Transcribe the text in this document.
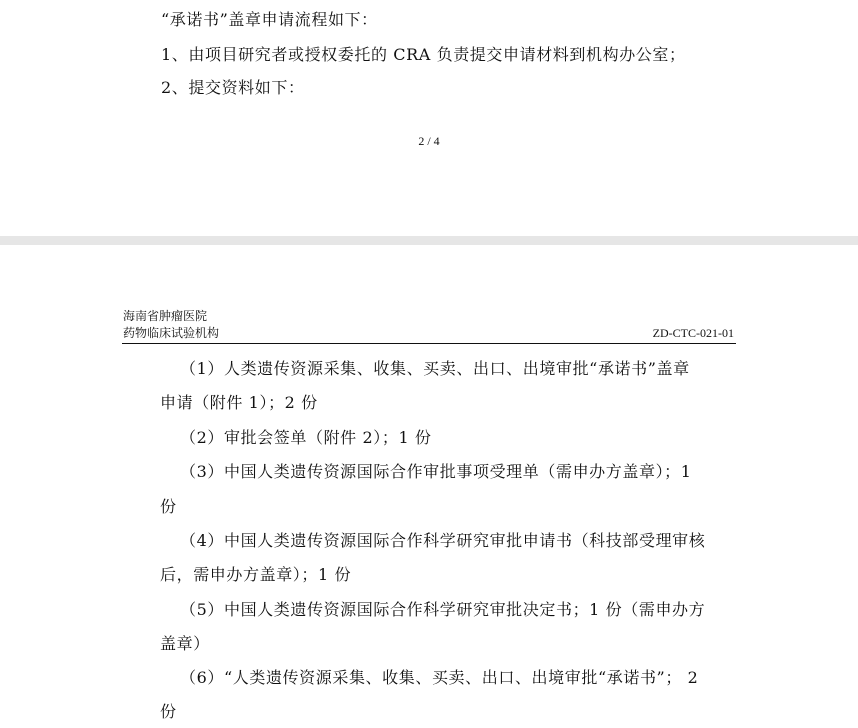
“承诺书”盖章申请流程如下：
1、由项目研究者或授权委托的 CRA 负责提交申请材料到机构办公室；
2、提交资料如下：
2 / 4
海南省肿瘤医院
药物临床试验机构	ZD-CTC-021-01
（1）人类遗传资源采集、收集、买卖、出口、出境审批“承诺书”盖章
申请（附件 1）；2 份
（2）审批会签单（附件 2）；1 份
（3）中国人类遗传资源国际合作审批事项受理单（需申办方盖章）；1
份
（4）中国人类遗传资源国际合作科学研究审批申请书（科技部受理审核
后，需申办方盖章）；1 份
（5）中国人类遗传资源国际合作科学研究审批决定书；1 份（需申办方
盖章）
（6）“人类遗传资源采集、收集、买卖、出口、出境审批“承诺书”； 2
份
